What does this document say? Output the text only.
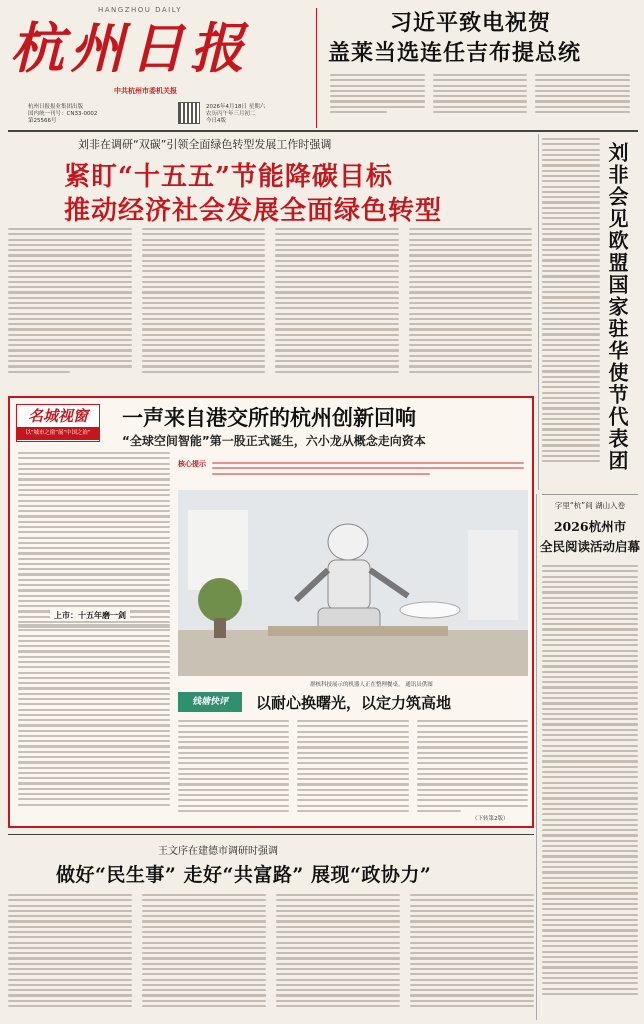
HANGZHOU DAILY
杭州日报
中共杭州市委机关报
杭州日报报业集团出版
国内统一刊号：CN33-0002
第25566号
2026年4月18日 星期六
农历丙午年三月初二
今日4版
习近平致电祝贺
盖莱当选连任吉布提总统
刘非在调研“双碳”引领全面绿色转型发展工作时强调
紧盯“十五五”节能降碳目标
推动经济社会发展全面绿色转型	刘非会见欧盟国家驻华使节代表团
名城视窗
以“城市之窗”展“中国之治”
一声来自港交所的杭州创新回响
“全球空间智能”第一股正式诞生，六小龙从概念走向资本
上市：十五年磨一剑
核心提示
群核科技展示的机器人正在整理餐桌。 通讯员供图
钱塘快评	以耐心换曙光，以定力筑高地
（下转第2版）
字里“杭”间 湖山入卷
2026杭州市
全民阅读活动启幕
王文序在建德市调研时强调
做好“民生事” 走好“共富路” 展现“政协力”
